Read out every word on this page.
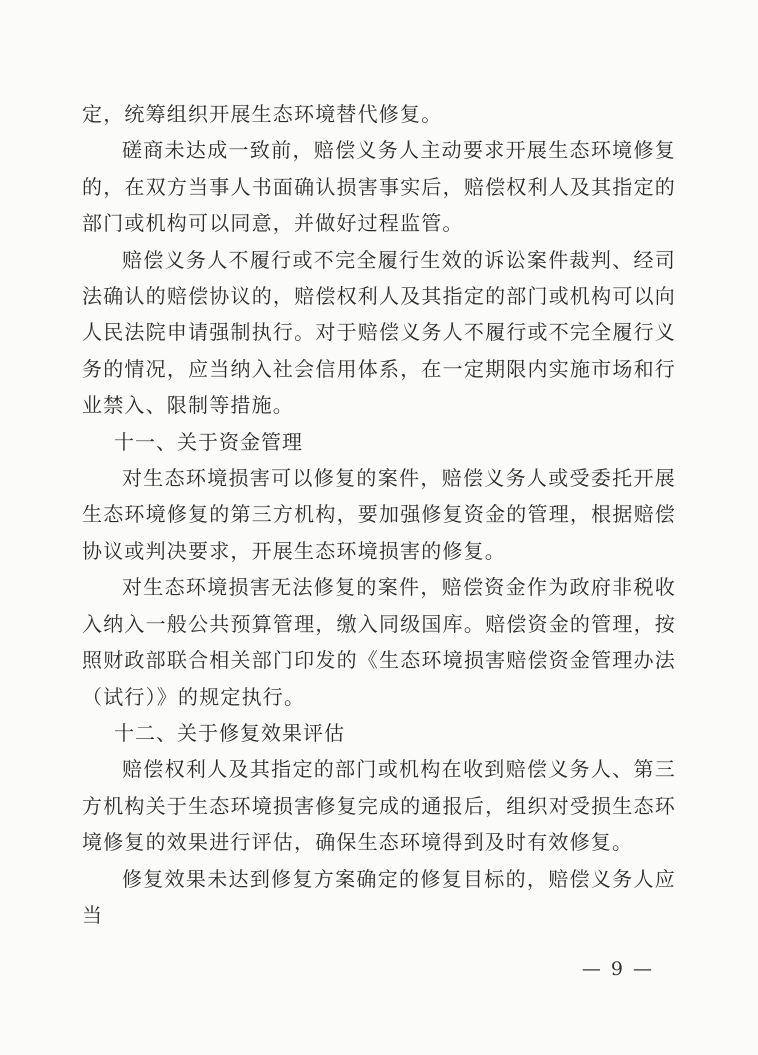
定，统筹组织开展生态环境替代修复。

磋商未达成一致前，赔偿义务人主动要求开展生态环境修复的，在双方当事人书面确认损害事实后，赔偿权利人及其指定的部门或机构可以同意，并做好过程监管。

赔偿义务人不履行或不完全履行生效的诉讼案件裁判、经司法确认的赔偿协议的，赔偿权利人及其指定的部门或机构可以向人民法院申请强制执行。对于赔偿义务人不履行或不完全履行义务的情况，应当纳入社会信用体系，在一定期限内实施市场和行业禁入、限制等措施。

十一、关于资金管理

对生态环境损害可以修复的案件，赔偿义务人或受委托开展生态环境修复的第三方机构，要加强修复资金的管理，根据赔偿协议或判决要求，开展生态环境损害的修复。

对生态环境损害无法修复的案件，赔偿资金作为政府非税收入纳入一般公共预算管理，缴入同级国库。赔偿资金的管理，按照财政部联合相关部门印发的《生态环境损害赔偿资金管理办法（试行）》的规定执行。

十二、关于修复效果评估

赔偿权利人及其指定的部门或机构在收到赔偿义务人、第三方机构关于生态环境损害修复完成的通报后，组织对受损生态环境修复的效果进行评估，确保生态环境得到及时有效修复。

修复效果未达到修复方案确定的修复目标的，赔偿义务人应当

— 9 —
